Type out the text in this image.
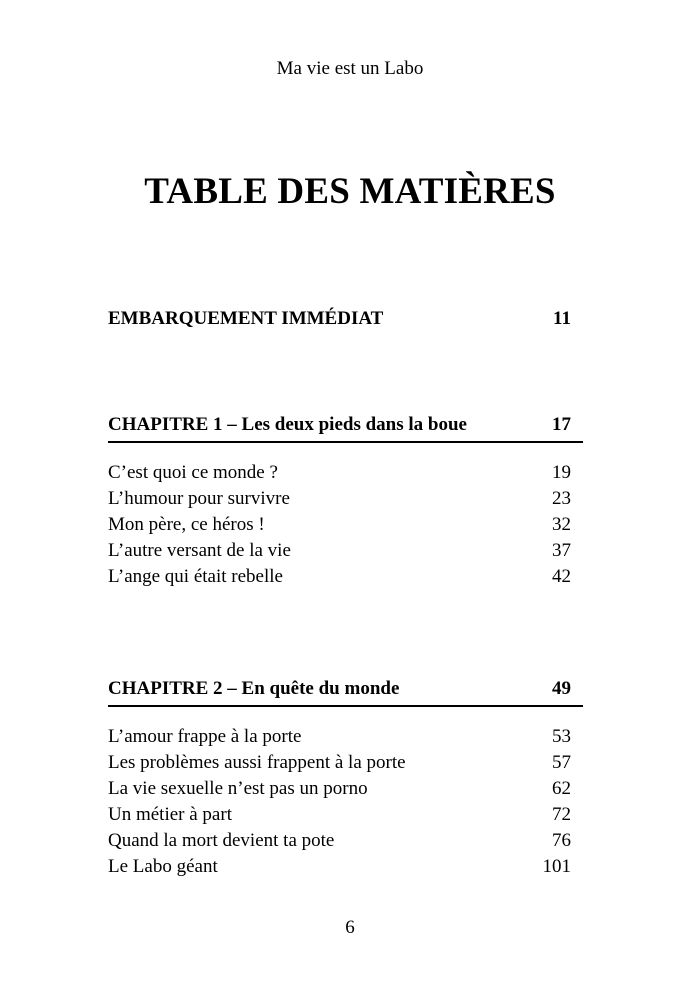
Ma vie est un Labo
TABLE DES MATIÈRES
EMBARQUEMENT IMMÉDIAT	11
CHAPITRE 1 – Les deux pieds dans la boue	17
C’est quoi ce monde ?	19
L’humour pour survivre	23
Mon père, ce héros !	32
L’autre versant de la vie	37
L’ange qui était rebelle	42
CHAPITRE 2 – En quête du monde	49
L’amour frappe à la porte	53
Les problèmes aussi frappent à la porte	57
La vie sexuelle n’est pas un porno	62
Un métier à part	72
Quand la mort devient ta pote	76
Le Labo géant	101
6
